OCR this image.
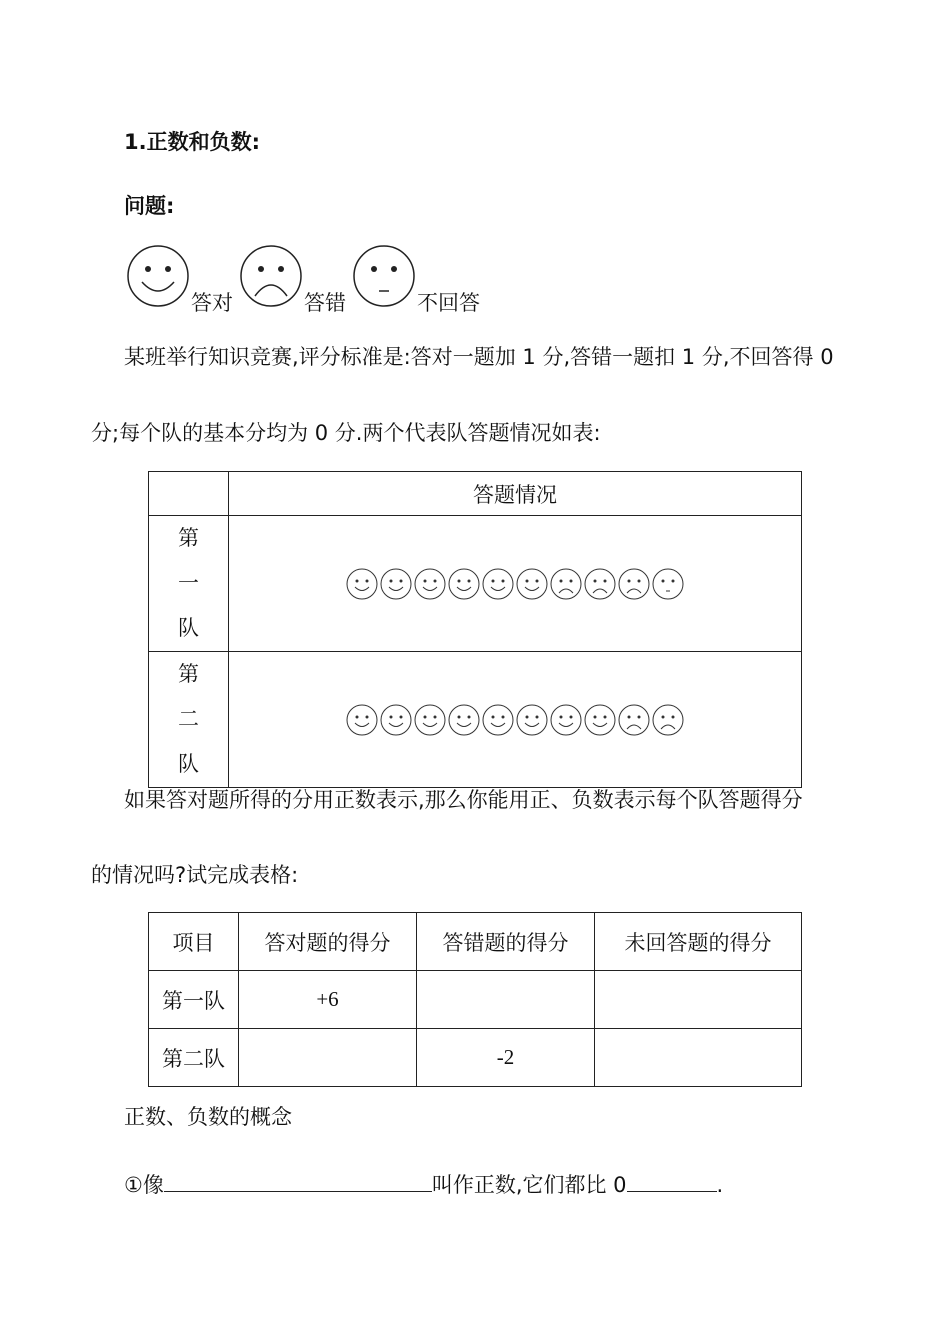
1.正数和负数:
问题:
答对	答错	不回答
某班举行知识竞赛,评分标准是:答对一题加 1 分,答错一题扣 1 分,不回答得 0
分;每个队的基本分均为 0 分.两个代表队答题情况如表:
	答题情况

第
一
队

第
二
队

如果答对题所得的分用正数表示,那么你能用正、负数表示每个队答题得分
的情况吗?试完成表格:
项目	答对题的得分	答错题的得分	未回答题的得分
第一队	+6		
第二队		-2	
正数、负数的概念
①像	叫作正数,它们都比 0	.
